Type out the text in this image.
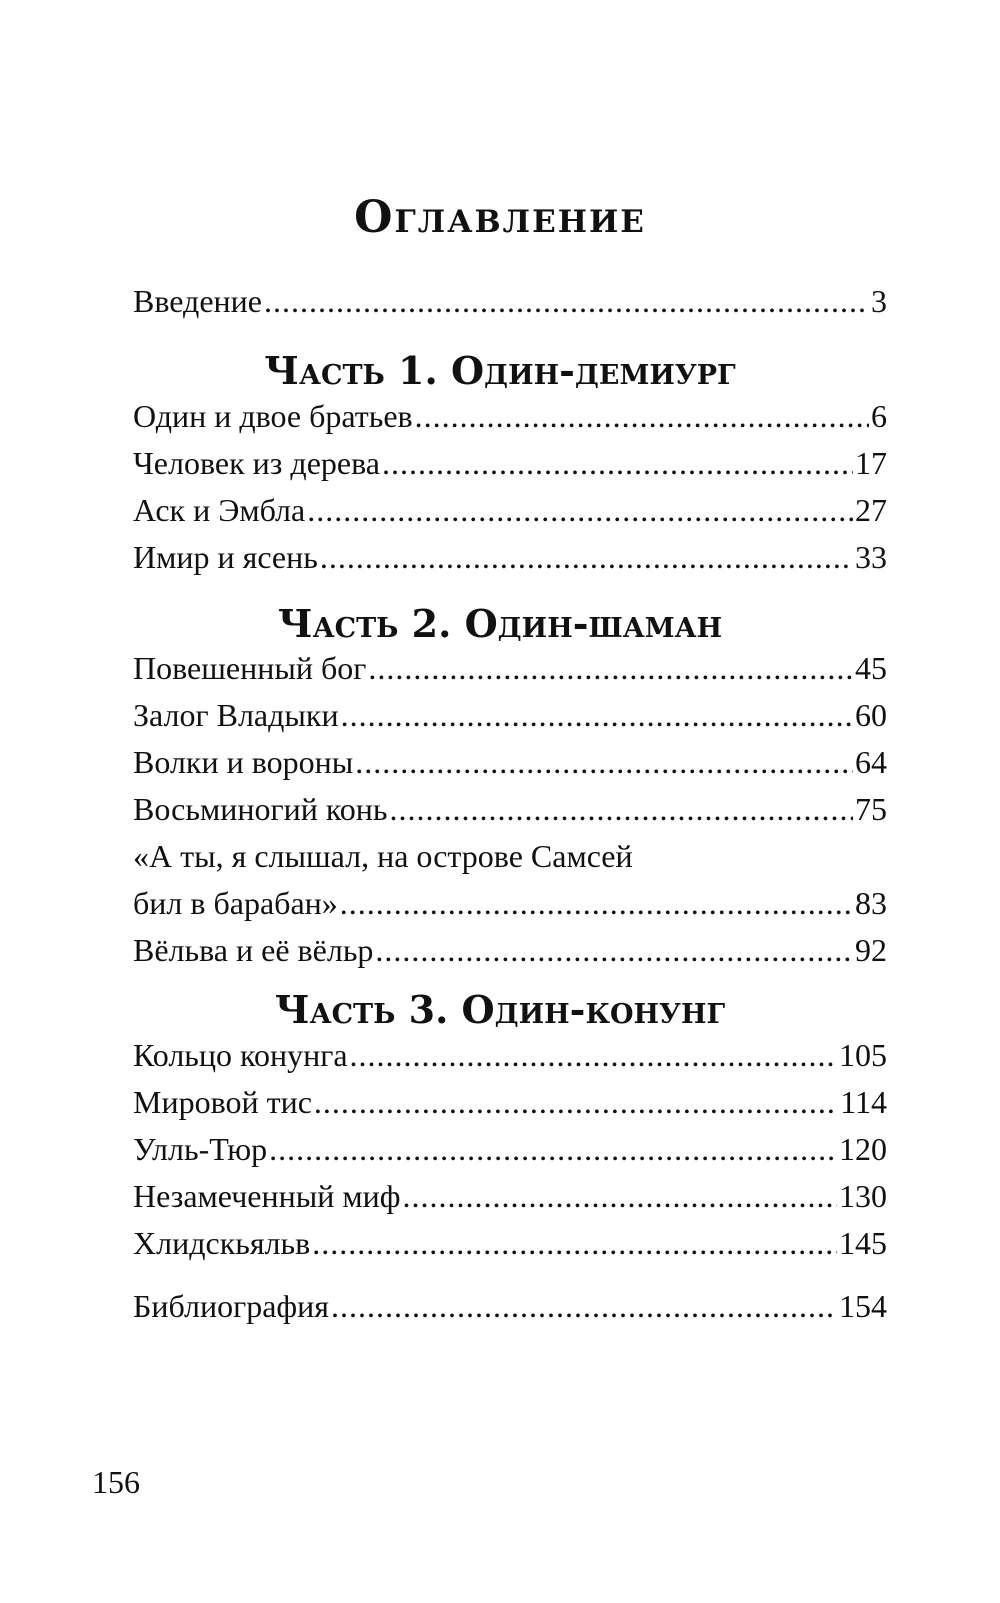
Оглавление
Введение .....	3
Часть 1. Один-демиург
Один и двое братьев .....	6
Человек из дерева .....	17
Аск и Эмбла .....	27
Имир и ясень .....	33
Часть 2. Один-шаман
Повешенный бог .....	45
Залог Владыки .....	60
Волки и вороны .....	64
Восьминогий конь .....	75
«А ты, я слышал, на острове Самсей
бил в барабан» .....	83
Вёльва и её вёльр .....	92
Часть 3. Один-конунг
Кольцо конунга .....	105
Мировой тис .....	114
Улль-Тюр .....	120
Незамеченный миф .....	130
Хлидскьяльв .....	145
Библиография .....	154
156
